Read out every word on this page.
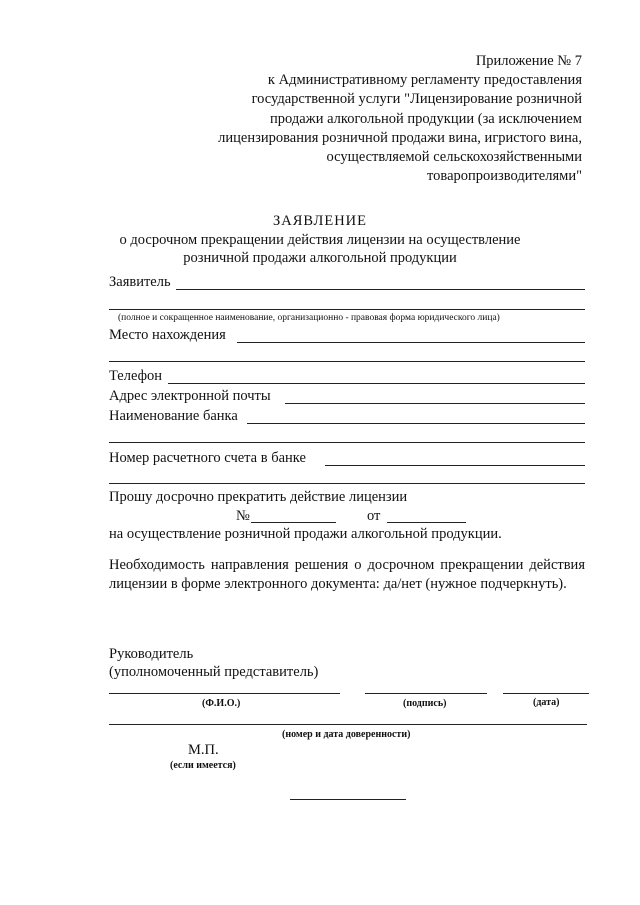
Приложение № 7
к Административному регламенту предоставления
государственной услуги "Лицензирование розничной
продажи алкогольной продукции (за исключением
лицензирования розничной продажи вина, игристого вина,
осуществляемой сельскохозяйственными
товаропроизводителями"
ЗАЯВЛЕНИЕ
о досрочном прекращении действия лицензии на осуществление
розничной продажи алкогольной продукции
Заявитель
(полное и сокращенное наименование, организационно - правовая форма юридического лица)
Место нахождения
Телефон
Адрес электронной почты
Наименование банка
Номер расчетного счета в банке
Прошу досрочно прекратить действие лицензии
№	от
на осуществление розничной продажи алкогольной продукции.
Необходимость направления решения о досрочном прекращении действия лицензии в форме электронного документа: да/нет (нужное подчеркнуть).
Руководитель
(уполномоченный представитель)
(Ф.И.О.)	(подпись)	(дата)
(номер и дата доверенности)
М.П.
(если имеется)
